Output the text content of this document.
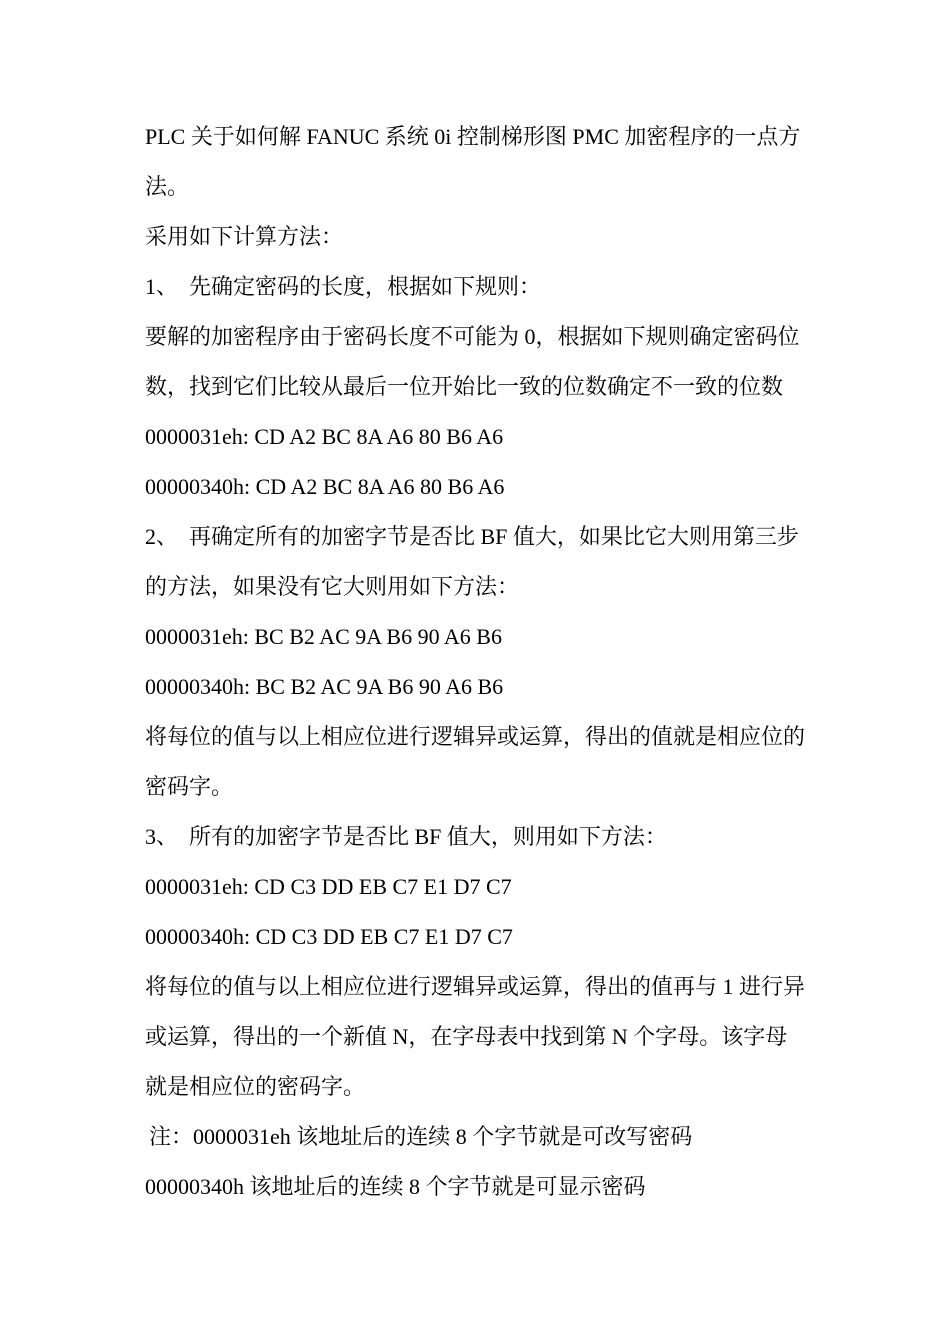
PLC 关于如何解 FANUC 系统 0i 控制梯形图 PMC 加密程序的一点方
法。
采用如下计算方法：
1、 先确定密码的长度，根据如下规则：
要解的加密程序由于密码长度不可能为 0，根据如下规则确定密码位
数，找到它们比较从最后一位开始比一致的位数确定不一致的位数
0000031eh: CD A2 BC 8A A6 80 B6 A6
00000340h: CD A2 BC 8A A6 80 B6 A6
2、 再确定所有的加密字节是否比 BF 值大，如果比它大则用第三步
的方法，如果没有它大则用如下方法：
0000031eh: BC B2 AC 9A B6 90 A6 B6
00000340h: BC B2 AC 9A B6 90 A6 B6
将每位的值与以上相应位进行逻辑异或运算，得出的值就是相应位的
密码字。
3、 所有的加密字节是否比 BF 值大，则用如下方法：
0000031eh: CD C3 DD EB C7 E1 D7 C7
00000340h: CD C3 DD EB C7 E1 D7 C7
将每位的值与以上相应位进行逻辑异或运算，得出的值再与 1 进行异
或运算，得出的一个新值 N，在字母表中找到第 N 个字母。该字母
就是相应位的密码字。
注：0000031eh 该地址后的连续 8 个字节就是可改写密码
00000340h 该地址后的连续 8 个字节就是可显示密码
